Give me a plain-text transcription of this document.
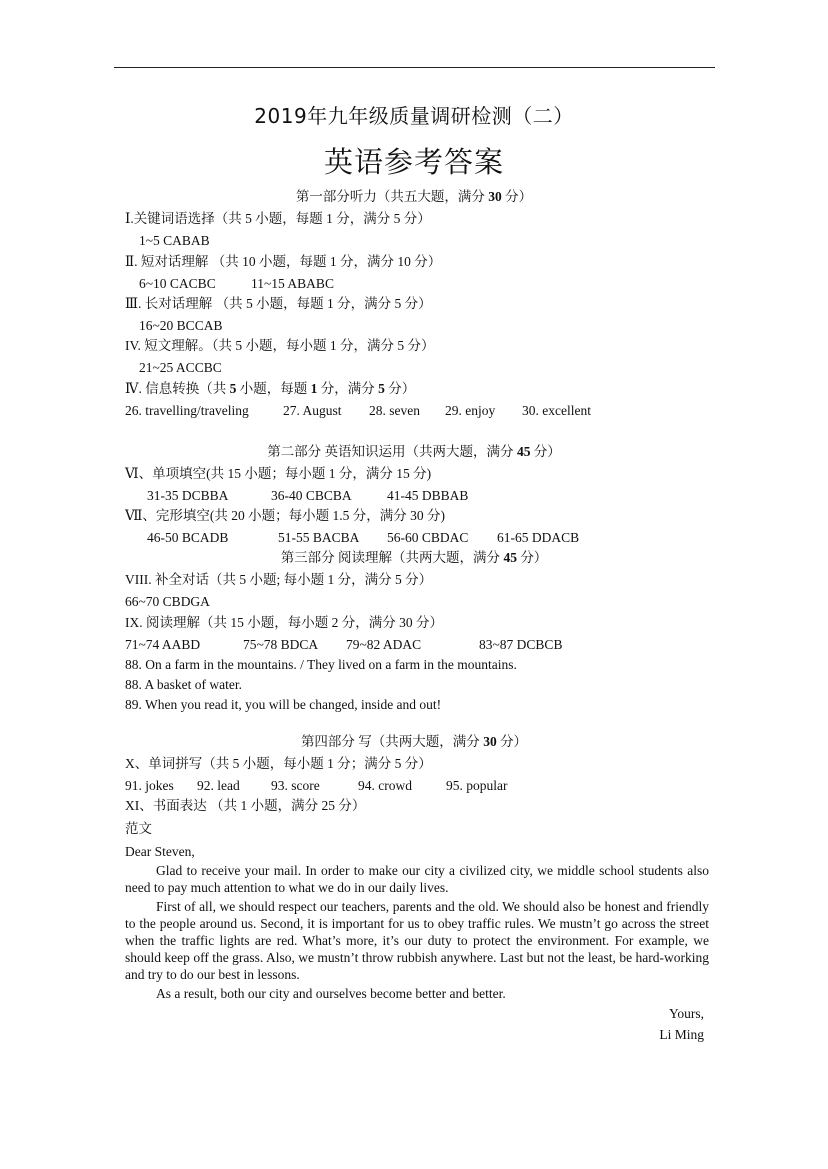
2019年九年级质量调研检测（二）
英语参考答案
第一部分听力（共五大题，满分 30 分）
Ⅰ.关键词语选择（共 5 小题，每题 1 分，满分 5 分）
1~5 CABAB
Ⅱ. 短对话理解 （共 10 小题，每题 1 分，满分 10 分）
6~10 CACBC	11~15 ABABC
Ⅲ. 长对话理解 （共 5 小题，每题 1 分，满分 5 分）
16~20 BCCAB
IV. 短文理解。（共 5 小题，每小题 1 分，满分 5 分）
21~25 ACCBC
Ⅳ. 信息转换（共 5 小题，每题 1 分，满分 5 分）
26. travelling/traveling	27. August 28. seven 29. enjoy 30. excellent
第二部分 英语知识运用（共两大题，满分 45 分）
Ⅵ、单项填空(共 15 小题；每小题 1 分，满分 15 分)
31-35 DCBBA	36-40 CBCBA	41-45 DBBAB
Ⅶ、完形填空(共 20 小题；每小题 1.5 分，满分 30 分)
46-50 BCADB	51-55 BACBA 56-60 CBDAC 61-65 DDACB
第三部分 阅读理解（共两大题，满分 45 分）
VIII. 补全对话（共 5 小题; 每小题 1 分，满分 5 分）
66~70 CBDGA
IX. 阅读理解（共 15 小题，每小题 2 分，满分 30 分）
71~74 AABD	75~78 BDCA 79~82 ADAC	83~87 DCBCB
88. On a farm in the mountains. / They lived on a farm in the mountains.
88. A basket of water.
89. When you read it, you will be changed, inside and out!
第四部分 写（共两大题，满分 30 分）
X、单词拼写（共 5 小题，每小题 1 分；满分 5 分）
91. jokes 92. lead 93. score	94. crowd	95. popular
XI、书面表达 （共 1 小题，满分 25 分）
范文
Dear Steven,

Glad to receive your mail. In order to make our city a civilized city, we middle school students also need to pay much attention to what we do in our daily lives.

First of all, we should respect our teachers, parents and the old. We should also be honest and friendly to the people around us. Second, it is important for us to obey traffic rules. We mustn’t go across the street when the traffic lights are red. What’s more, it’s our duty to protect the environment. For example, we should keep off the grass. Also, we mustn’t throw rubbish anywhere. Last but not the least, be hard-working and try to do our best in lessons.

As a result, both our city and ourselves become better and better.

Yours,
Li Ming
